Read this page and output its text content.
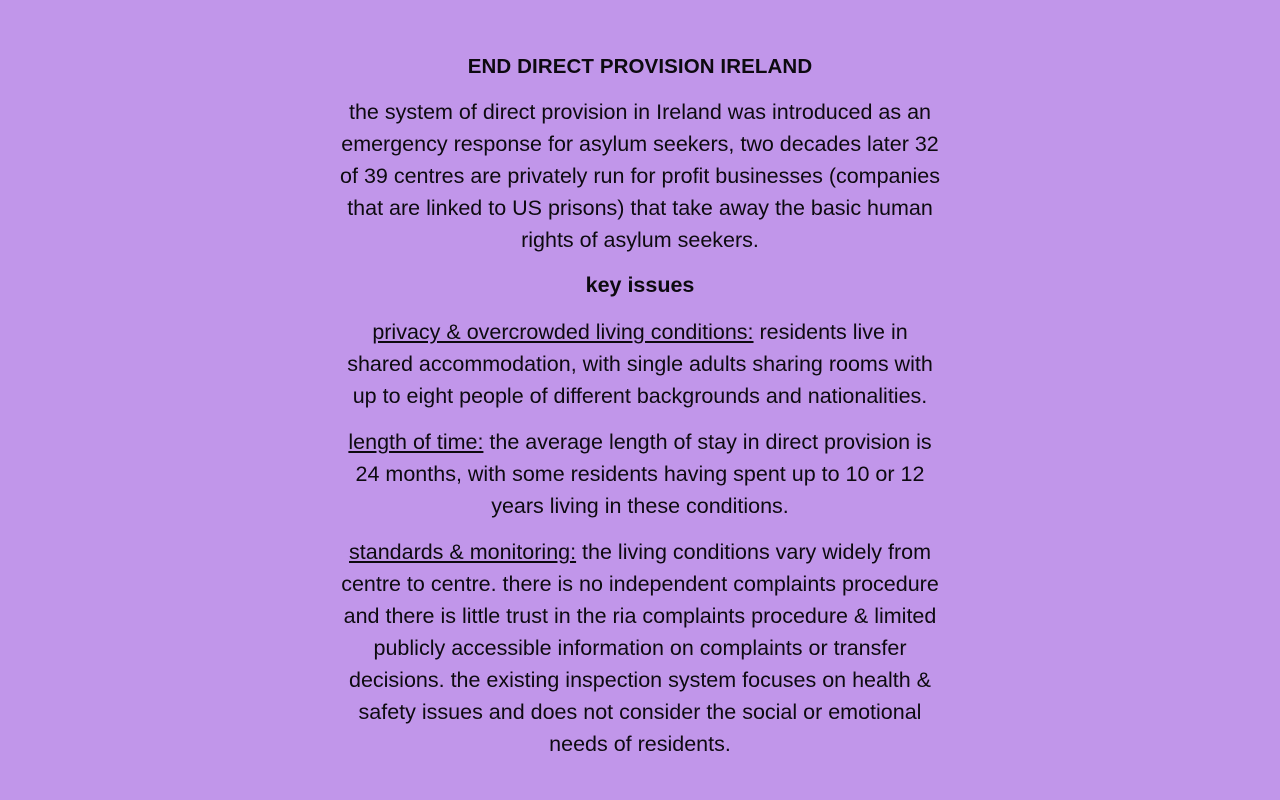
END DIRECT PROVISION IRELAND

the system of direct provision in Ireland was introduced as an emergency response for asylum seekers, two decades later 32 of 39 centres are privately run for profit businesses (companies that are linked to US prisons) that take away the basic human rights of asylum seekers.

key issues

privacy & overcrowded living conditions: residents live in shared accommodation, with single adults sharing rooms with up to eight people of different backgrounds and nationalities.

length of time: the average length of stay in direct provision is 24 months, with some residents having spent up to 10 or 12 years living in these conditions.

standards & monitoring: the living conditions vary widely from centre to centre. there is no independent complaints procedure and there is little trust in the ria complaints procedure & limited publicly accessible information on complaints or transfer decisions. the existing inspection system focuses on health & safety issues and does not consider the social or emotional needs of residents.
